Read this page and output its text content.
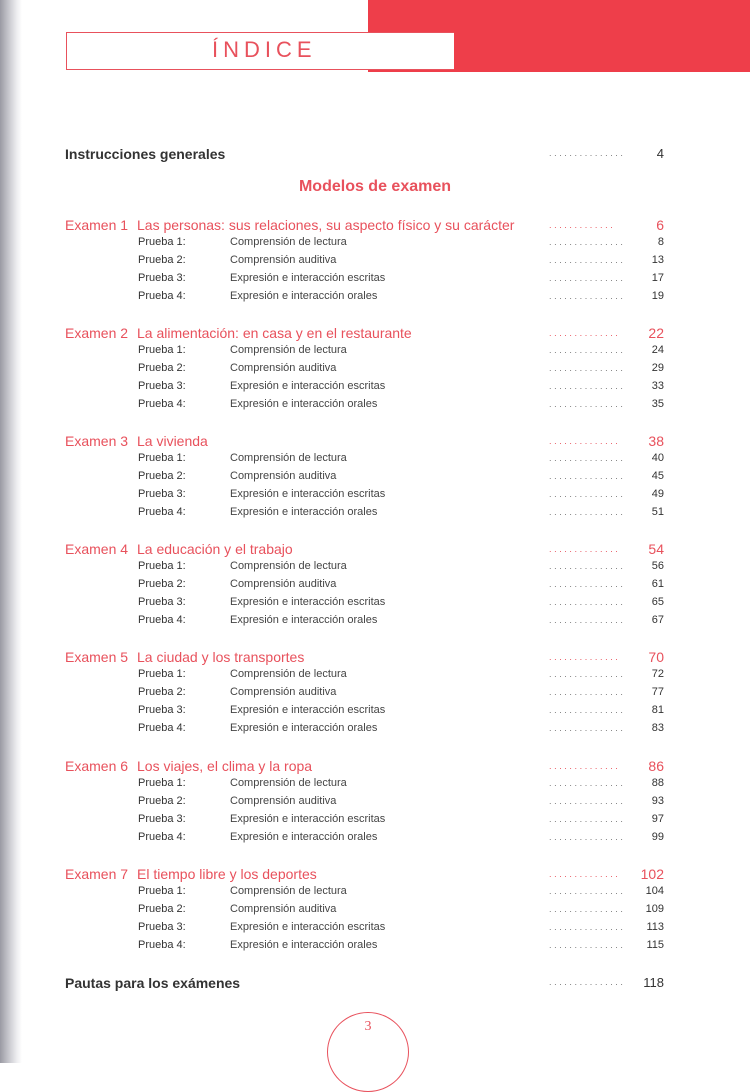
ÍNDICE
Instrucciones generales	............... 4
Modelos de examen
Examen 1 Las personas: sus relaciones, su aspecto físico y su carácter	.............	6
Prueba 1:	Comprensión de lectura	...............	8
Prueba 2:	Comprensión auditiva	............... 13
Prueba 3:	Expresión e interacción escritas	............... 17
Prueba 4:	Expresión e interacción orales	............... 19
Examen 2 La alimentación: en casa y en el restaurante	.............. 22
Prueba 1:	Comprensión de lectura	............... 24
Prueba 2:	Comprensión auditiva	............... 29
Prueba 3:	Expresión e interacción escritas	............... 33
Prueba 4:	Expresión e interacción orales	............... 35
Examen 3 La vivienda	.............. 38
Prueba 1:	Comprensión de lectura	............... 40
Prueba 2:	Comprensión auditiva	............... 45
Prueba 3:	Expresión e interacción escritas	............... 49
Prueba 4:	Expresión e interacción orales	............... 51
Examen 4 La educación y el trabajo	.............. 54
Prueba 1:	Comprensión de lectura	............... 56
Prueba 2:	Comprensión auditiva	............... 61
Prueba 3:	Expresión e interacción escritas	............... 65
Prueba 4:	Expresión e interacción orales	............... 67
Examen 5 La ciudad y los transportes	.............. 70
Prueba 1:	Comprensión de lectura	............... 72
Prueba 2:	Comprensión auditiva	............... 77
Prueba 3:	Expresión e interacción escritas	............... 81
Prueba 4:	Expresión e interacción orales	............... 83
Examen 6 Los viajes, el clima y la ropa	.............. 86
Prueba 1:	Comprensión de lectura	............... 88
Prueba 2:	Comprensión auditiva	............... 93
Prueba 3:	Expresión e interacción escritas	............... 97
Prueba 4:	Expresión e interacción orales	............... 99
Examen 7 El tiempo libre y los deportes	.............. 102
Prueba 1:	Comprensión de lectura	............... 104
Prueba 2:	Comprensión auditiva	............... 109
Prueba 3:	Expresión e interacción escritas	............... 113
Prueba 4:	Expresión e interacción orales	............... 115
Pautas para los exámenes	............... 118
3
